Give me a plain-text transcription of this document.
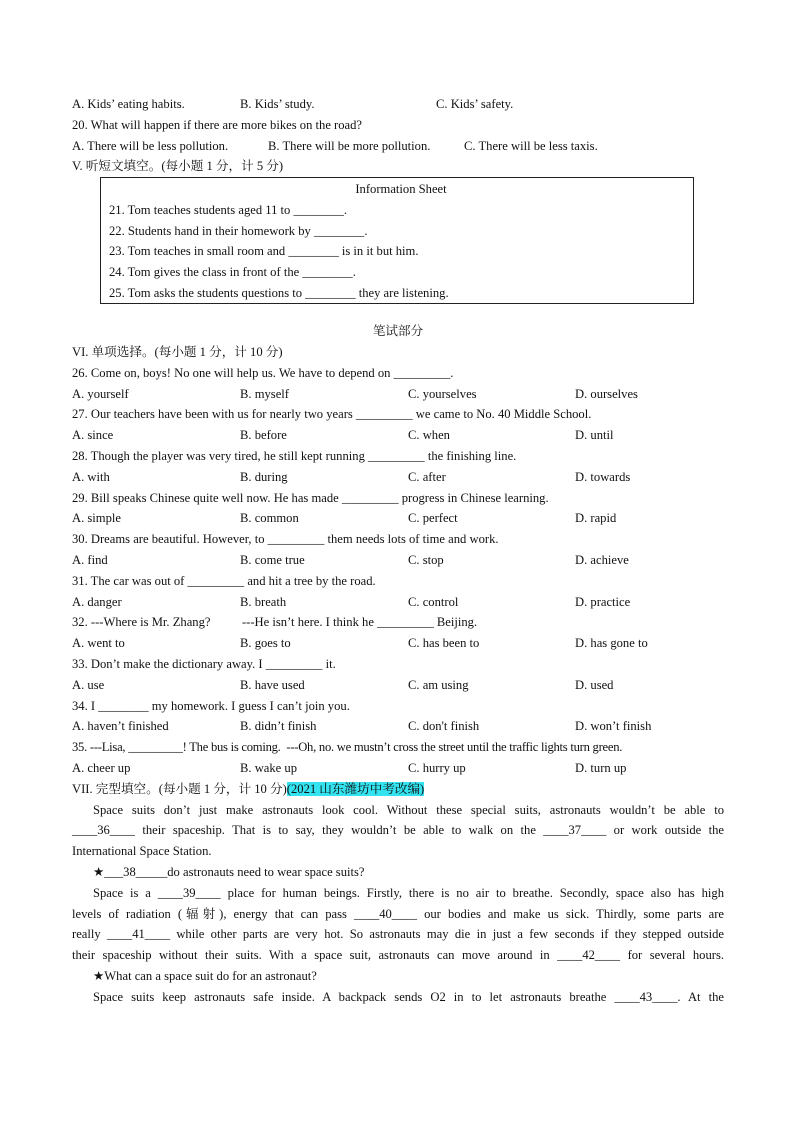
A. Kids’ eating habits.	B. Kids’ study.	C. Kids’ safety.
20. What will happen if there are more bikes on the road?
A. There will be less pollution.	B. There will be more pollution.	C. There will be less taxis.
V. 听短文填空。(每小题 1 分，计 5 分)
Information Sheet
21. Tom teaches students aged 11 to ________.
22. Students hand in their homework by ________.
23. Tom teaches in small room and ________ is in it but him.
24. Tom gives the class in front of the ________.
25. Tom asks the students questions to ________ they are listening.
笔试部分
VI. 单项选择。(每小题 1 分，计 10 分)
26. Come on, boys! No one will help us. We have to depend on _________.
A. yourself	B. myself	C. yourselves	D. ourselves
27. Our teachers have been with us for nearly two years _________ we came to No. 40 Middle School.
A. since	B. before	C. when	D. until
28. Though the player was very tired, he still kept running _________ the finishing line.
A. with	B. during	C. after	D. towards
29. Bill speaks Chinese quite well now. He has made _________ progress in Chinese learning.
A. simple	B. common	C. perfect	D. rapid
30. Dreams are beautiful. However, to _________ them needs lots of time and work.
A. find	B. come true	C. stop	D. achieve
31. The car was out of _________ and hit a tree by the road.
A. danger	B. breath	C. control	D. practice
32. ---Where is Mr. Zhang?          ---He isn’t here. I think he _________ Beijing.
A. went to	B. goes to	C. has been to	D. has gone to
33. Don’t make the dictionary away. I _________ it.
A. use	B. have used	C. am using	D. used
34. I ________ my homework. I guess I can’t join you.
A. haven’t finished	B. didn’t finish	C. don't finish	D. won’t finish
35. ---Lisa, _________! The bus is coming.  ---Oh, no. we mustn’t cross the street until the traffic lights turn green.
A. cheer up	B. wake up	C. hurry up	D. turn up
VII. 完型填空。(每小题 1 分，计 10 分)(2021 山东潍坊中考改编)
Space suits don’t just make astronauts look cool. Without these special suits, astronauts wouldn’t be able to
____36____ their spaceship. That is to say, they wouldn’t be able to walk on the ____37____ or work outside the
International Space Station.
★___38_____do astronauts need to wear space suits?
Space is a ____39____ place for human beings. Firstly, there is no air to breathe. Secondly, space also has high
levels of radiation (辐射), energy that can pass ____40____ our bodies and make us sick. Thirdly, some parts are
really ____41____ while other parts are very hot. So astronauts may die in just a few seconds if they stepped outside
their spaceship without their suits. With a space suit, astronauts can move around in ____42____ for several hours.
★What can a space suit do for an astronaut?
Space suits keep astronauts safe inside. A backpack sends O2 in to let astronauts breathe ____43____. At the
